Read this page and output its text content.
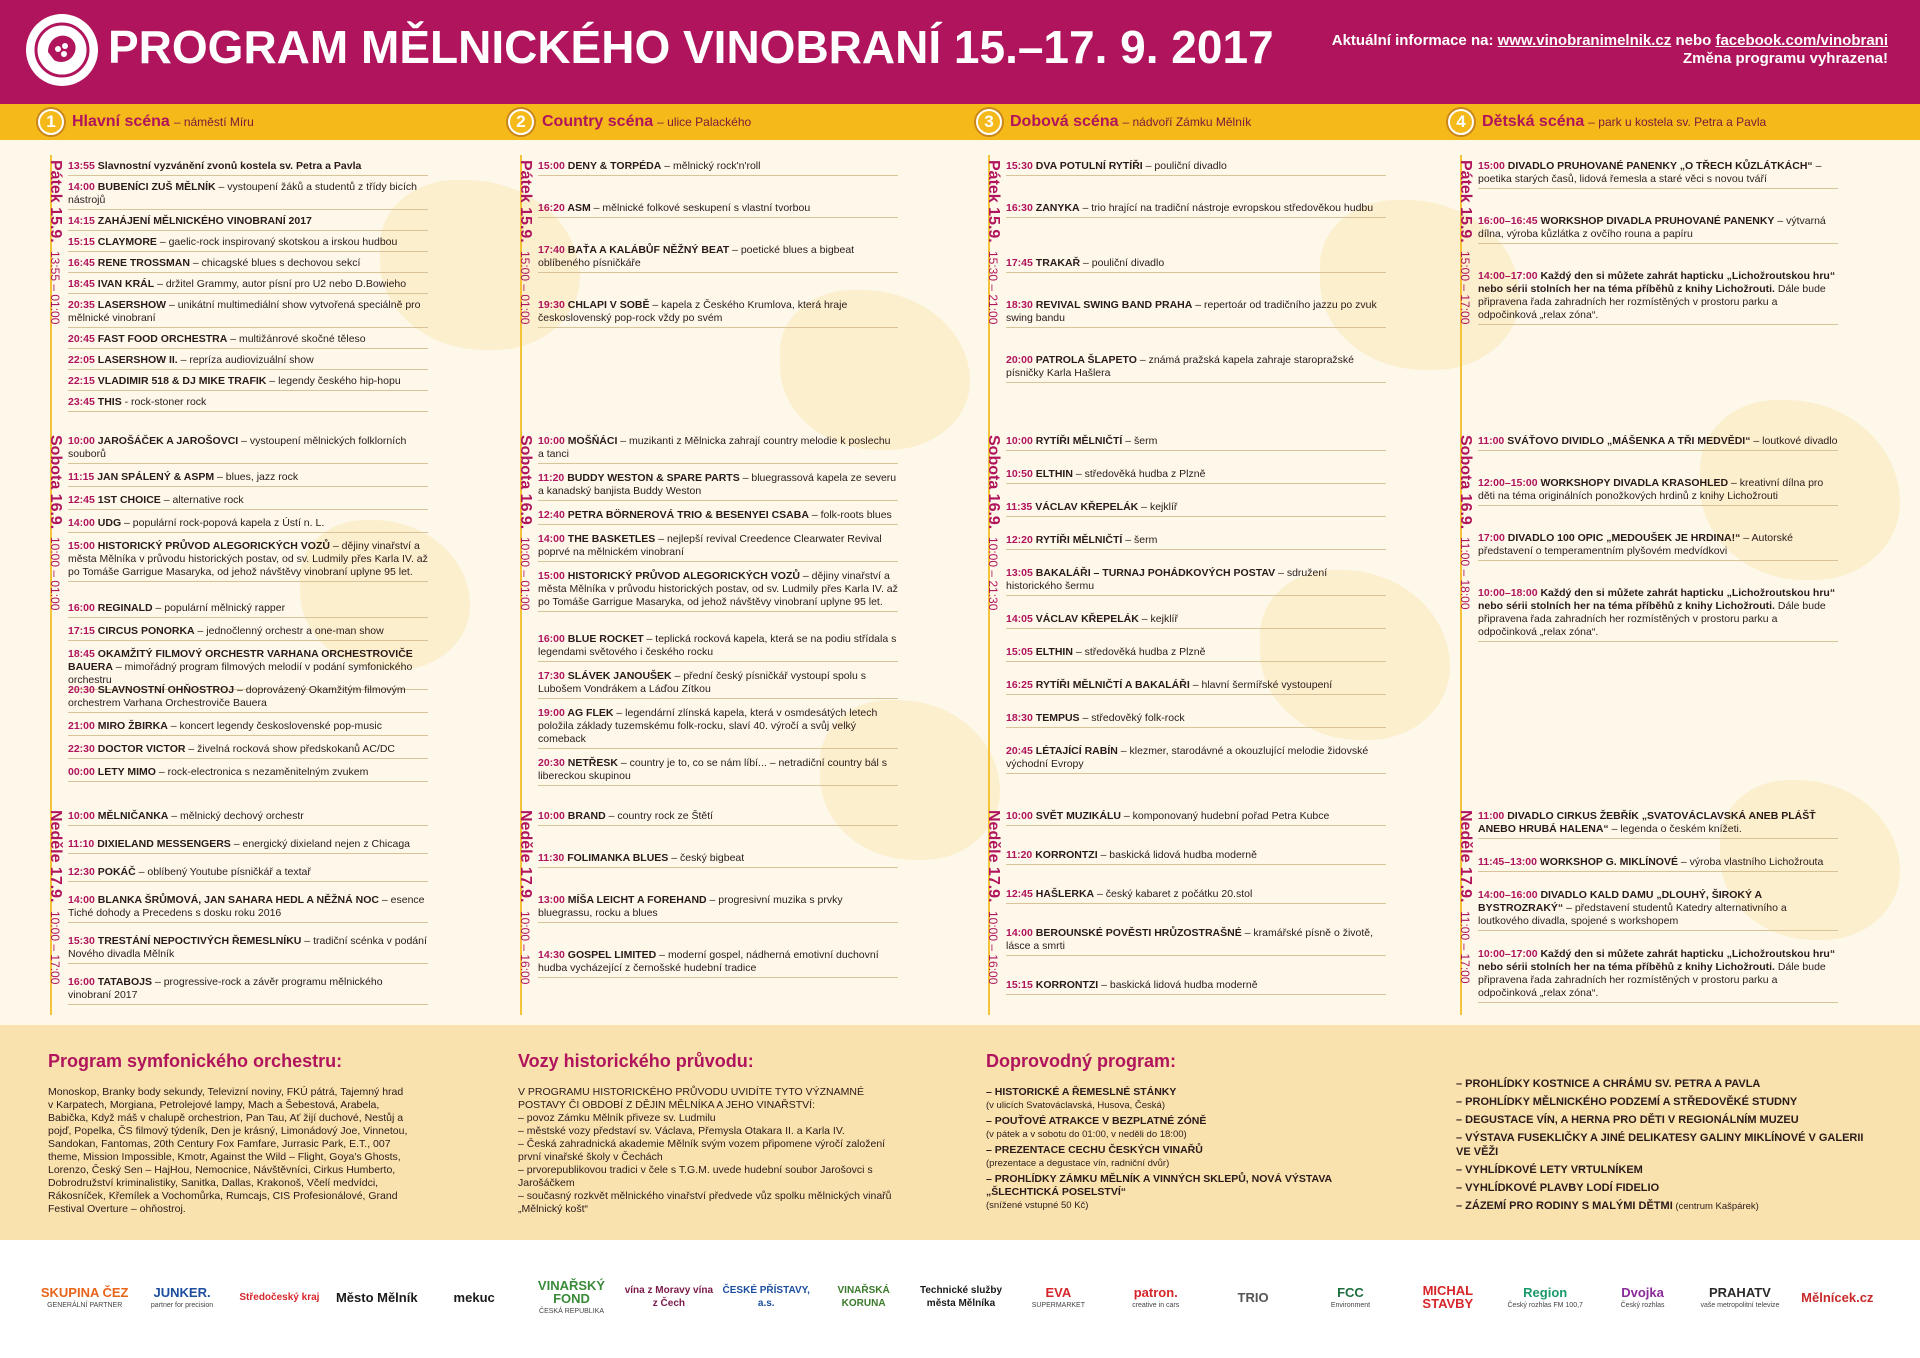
PROGRAM MĚLNICKÉHO VINOBRANÍ 15.–17. 9. 2017	Aktuální informace na: www.vinobranimelnik.cz nebo facebook.com/vinobrani
Změna programu vyhrazena!
1	Hlavní scéna – náměstí Míru	2	Country scéna – ulice Palackého	3	Dobová scéna – nádvoří Zámku Mělník	4	Dětská scéna – park u kostela sv. Petra a Pavla
Pátek 15.9.13:55 – 01:00
13:55 Slavnostní vyzvánění zvonů kostela sv. Petra a Pavla
14:00 BUBENÍCI ZUŠ MĚLNÍK – vystoupení žáků a studentů z třídy bicích nástrojů
14:15 ZAHÁJENÍ MĚLNICKÉHO VINOBRANÍ 2017
15:15 CLAYMORE – gaelic-rock inspirovaný skotskou a irskou hudbou
16:45 RENE TROSSMAN – chicagské blues s dechovou sekcí
18:45 IVAN KRÁL – držitel Grammy, autor písní pro U2 nebo D.Bowieho
20:35 LASERSHOW – unikátní multimediální show vytvořená speciálně pro mělnické vinobraní
20:45 FAST FOOD ORCHESTRA – multižánrové skočné těleso
22:05 LASERSHOW II. – repríza audiovizuální show
22:15 VLADIMIR 518 & DJ MIKE TRAFIK – legendy českého hip-hopu
23:45 THIS - rock-stoner rock
Sobota 16.9.10:00 – 01:00
10:00 JAROŠÁČEK A JAROŠOVCI – vystoupení mělnických folklorních souborů
11:15 JAN SPÁLENÝ & ASPM – blues, jazz rock
12:45 1ST CHOICE – alternative rock
14:00 UDG – populární rock-popová kapela z Ústí n. L.
15:00 HISTORICKÝ PRŮVOD ALEGORICKÝCH VOZŮ – dějiny vinařství a města Mělníka v průvodu historických postav, od sv. Ludmily přes Karla IV. až po Tomáše Garrigue Masaryka, od jehož návštěvy vinobraní uplyne 95 let.
16:00 REGINALD – populární mělnický rapper
17:15 CIRCUS PONORKA – jednočlenný orchestr a one-man show
18:45 OKAMŽITÝ FILMOVÝ ORCHESTR VARHANA ORCHESTROVIČE BAUERA – mimořádný program filmových melodií v podání symfonického orchestru
20:30 SLAVNOSTNÍ OHŇOSTROJ – doprovázený Okamžitým filmovým orchestrem Varhana Orchestroviče Bauera
21:00 MIRO ŽBIRKA – koncert legendy československé pop-music
22:30 DOCTOR VICTOR – živelná rocková show předskokanů AC/DC
00:00 LETY MIMO – rock-electronica s nezaměnitelným zvukem
Neděle 17.9.10:00 – 17:00
10:00 MĚLNIČANKA – mělnický dechový orchestr
11:10 DIXIELAND MESSENGERS – energický dixieland nejen z Chicaga
12:30 POKÁČ – oblíbený Youtube písničkář a textař
14:00 BLANKA ŠRŮMOVÁ, JAN SAHARA HEDL A NĚŽNÁ NOC – esence Tiché dohody a Precedens s dosku roku 2016
15:30 TRESTÁNÍ NEPOCTIVÝCH ŘEMESLNÍKU – tradiční scénka v podání Nového divadla Mělník
16:00 TATABOJS – progressive-rock a závěr programu mělnického vinobraní 2017
Pátek 15.9.15:00 – 01:00
15:00 DENY & TORPÉDA – mělnický rock'n'roll
16:20 ASM – mělnické folkové seskupení s vlastní tvorbou
17:40 BAŤA A KALÁBŮF NĚŽNÝ BEAT – poetické blues a bigbeat oblíbeného písničkáře
19:30 CHLAPI V SOBĚ – kapela z Českého Krumlova, která hraje československý pop-rock vždy po svém
Sobota 16.9.10:00 – 01:00
10:00 MOŠŇÁCI – muzikanti z Mělnicka zahrají country melodie k poslechu a tanci
11:20 BUDDY WESTON & SPARE PARTS – bluegrassová kapela ze severu a kanadský banjista Buddy Weston
12:40 PETRA BÖRNEROVÁ TRIO & BESENYEI CSABA – folk-roots blues
14:00 THE BASKETLES – nejlepší revival Creedence Clearwater Revival poprvé na mělnickém vinobraní
15:00 HISTORICKÝ PRŮVOD ALEGORICKÝCH VOZŮ – dějiny vinařství a města Mělníka v průvodu historických postav, od sv. Ludmily přes Karla IV. až po Tomáše Garrigue Masaryka, od jehož návštěvy vinobraní uplyne 95 let.
16:00 BLUE ROCKET – teplická rocková kapela, která se na podiu střídala s legendami světového i českého rocku
17:30 SLÁVEK JANOUŠEK – přední český písničkář vystoupí spolu s Lubošem Vondrákem a Láďou Zítkou
19:00 AG FLEK – legendární zlínská kapela, která v osmdesátých letech položila základy tuzemskému folk-rocku, slaví 40. výročí a svůj velký comeback
20:30 NETŘESK – country je to, co se nám líbí... – netradiční country bál s libereckou skupinou
Neděle 17.9.10:00 – 16:00
10:00 BRAND – country rock ze Štětí
11:30 FOLIMANKA BLUES – český bigbeat
13:00 MÍŠA LEICHT A FOREHAND – progresivní muzika s prvky bluegrassu, rocku a blues
14:30 GOSPEL LIMITED – moderní gospel, nádherná emotivní duchovní hudba vycházející z černošské hudební tradice
Pátek 15.9.15:30 – 21:00
15:30 DVA POTULNÍ RYTÍŘI – pouliční divadlo
16:30 ZANYKA – trio hrající na tradiční nástroje evropskou středověkou hudbu
17:45 TRAKAŘ – pouliční divadlo
18:30 REVIVAL SWING BAND PRAHA – repertoár od tradičního jazzu po zvuk swing bandu
20:00 PATROLA ŠLAPETO – známá pražská kapela zahraje staropražské písničky Karla Hašlera
Sobota 16.9.10:00 – 21:30
10:00 RYTÍŘI MĚLNIČTÍ – šerm
10:50 ELTHIN – středověká hudba z Plzně
11:35 VÁCLAV KŘEPELÁK – kejklíř
12:20 RYTÍŘI MĚLNIČTÍ – šerm
13:05 BAKALÁŘI – TURNAJ POHÁDKOVÝCH POSTAV – sdružení historického šermu
14:05 VÁCLAV KŘEPELÁK – kejklíř
15:05 ELTHIN – středověká hudba z Plzně
16:25 RYTÍŘI MĚLNIČTÍ A BAKALÁŘI – hlavní šermířské vystoupení
18:30 TEMPUS – středověký folk-rock
20:45 LÉTAJÍCÍ RABÍN – klezmer, starodávné a okouzlující melodie židovské východní Evropy
Neděle 17.9.10:00 – 16:00
10:00 SVĚT MUZIKÁLU – komponovaný hudební pořad Petra Kubce
11:20 KORRONTZI – baskická lidová hudba moderně
12:45 HAŠLERKA – český kabaret z počátku 20.stol
14:00 BEROUNSKÉ POVĚSTI HRŮZOSTRAŠNÉ – kramářské písně o životě, lásce a smrti
15:15 KORRONTZI – baskická lidová hudba moderně
Pátek 15.9.15:00 – 17:00
15:00 DIVADLO PRUHOVANÉ PANENKY „O TŘECH KŮZLÁTKÁCH“ – poetika starých časů, lidová řemesla a staré věci s novou tváří
16:00–16:45 WORKSHOP DIVADLA PRUHOVANÉ PANENKY – výtvarná dílna, výroba kůzlátka z ovčího rouna a papíru
14:00–17:00 Každý den si můžete zahrát hapticku „Lichožroutskou hru“ nebo sérii stolních her na téma příběhů z knihy Lichožrouti. Dále bude připravena řada zahradních her rozmístěných v prostoru parku a odpočinková „relax zóna“.
Sobota 16.9.11:00 – 18:00
11:00 SVÁŤOVO DIVIDLO „MÁŠENKA A TŘI MEDVĚDI“ – loutkové divadlo
12:00–15:00 WORKSHOPY DIVADLA KRASOHLED – kreativní dílna pro děti na téma originálních ponožkových hrdinů z knihy Lichožrouti
17:00 DIVADLO 100 OPIC „MEDOUŠEK JE HRDINA!“ – Autorské představení o temperamentním plyšovém medvídkovi
10:00–18:00 Každý den si můžete zahrát hapticku „Lichožroutskou hru“ nebo sérii stolních her na téma příběhů z knihy Lichožrouti. Dále bude připravena řada zahradních her rozmístěných v prostoru parku a odpočinková „relax zóna“.
Neděle 17.9.11:00 – 17:00
11:00 DIVADLO CIRKUS ŽEBŘÍK „SVATOVÁCLAVSKÁ ANEB PLÁŠŤ ANEBO HRUBÁ HALENA“ – legenda o českém knížeti.
11:45–13:00 WORKSHOP G. MIKLÍNOVÉ – výroba vlastního Lichožrouta
14:00–16:00 DIVADLO KALD DAMU „DLOUHÝ, ŠIROKÝ A BYSTROZRAKÝ“ – představení studentů Katedry alternativního a loutkového divadla, spojené s workshopem
10:00–17:00 Každý den si můžete zahrát hapticku „Lichožroutskou hru“ nebo sérii stolních her na téma příběhů z knihy Lichožrouti. Dále bude připravena řada zahradních her rozmístěných v prostoru parku a odpočinková „relax zóna“.
Program symfonického orchestru:
Monoskop, Branky body sekundy, Televizní noviny, FKÚ pátrá, Tajemný hrad v Karpatech, Morgiana, Petrolejové lampy, Mach a Šebestová, Arabela, Babička, Když máš v chalupě orchestrion, Pan Tau, Ať žijí duchové, Nestůj a pojď, Popelka, ČS filmový týdeník, Den je krásný, Limonádový Joe, Vinnetou, Sandokan, Fantomas, 20th Century Fox Famfare, Jurrasic Park, E.T., 007 theme, Mission Impossible, Kmotr, Against the Wild – Flight, Goya's Ghosts, Lorenzo, Český Sen – HajHou, Nemocnice, Návštěvníci, Cirkus Humberto, Dobrodružství kriminalistiky, Sanitka, Dallas, Krakonoš, Včelí medvídci, Rákosníček, Křemílek a Vochomůrka, Rumcajs, CIS Profesionálové, Grand Festival Overture – ohňostroj.
Vozy historického průvodu:
V PROGRAMU HISTORICKÉHO PRŮVODU UVIDÍTE TYTO VÝZNAMNÉ POSTAVY ČI OBDOBÍ Z DĚJIN MĚLNÍKA A JEHO VINAŘSTVÍ:
– povoz Zámku Mělník přiveze sv. Ludmilu
– městské vozy představí sv. Václava, Přemysla Otakara II. a Karla IV.
– Česká zahradnická akademie Mělník svým vozem připomene výročí založení první vinařské školy v Čechách
– prvorepublikovou tradici v čele s T.G.M. uvede hudební soubor Jarošovci s Jarošáčkem
– současný rozkvět mělnického vinařství předvede vůz spolku mělnických vinařů „Mělnický košt“
Doprovodný program:
– HISTORICKÉ A ŘEMESLNÉ STÁNKY
(v ulicích Svatováclavská, Husova, Česká)
– POUŤOVÉ ATRAKCE V BEZPLATNÉ ZÓNĚ
(v pátek a v sobotu do 01:00, v neděli do 18:00)
– PREZENTACE CECHU ČESKÝCH VINAŘŮ
(prezentace a degustace vín, radniční dvůr)
– PROHLÍDKY ZÁMKU MĚLNÍK A VINNÝCH SKLEPŮ, NOVÁ VÝSTAVA „ŠLECHTICKÁ POSELSTVÍ“
(snížené vstupné 50 Kč)
– PROHLÍDKY KOSTNICE A CHRÁMU SV. PETRA A PAVLA
– PROHLÍDKY MĚLNICKÉHO PODZEMÍ A STŘEDOVĚKÉ STUDNY
– DEGUSTACE VÍN, A HERNA PRO DĚTI V REGIONÁLNÍM MUZEU
– VÝSTAVA FUSEKLIČKY A JINÉ DELIKATESY GALINY MIKLÍNOVÉ V GALERII VE VĚŽI
– VYHLÍDKOVÉ LETY VRTULNÍKEM
– VYHLÍDKOVÉ PLAVBY LODÍ FIDELIO
– ZÁZEMÍ PRO RODINY S MALÝMI DĚTMI (centrum Kašpárek)
SKUPINA ČEZ
GENERÁLNÍ PARTNER
JUNKER.
partner for precision
Středočeský kraj Město Mělník	mekuc
VINAŘSKÝ FOND
ČESKÁ REPUBLIKA
vína z Moravy vína z Čech
ČESKÉ PŘÍSTAVY, a.s.
VINAŘSKÁ KORUNA
Technické služby města Mělníka
EVA
SUPERMARKET
patron.
creative in cars
TRIO	FCC
Environment
MICHAL STAVBY
Region
Český rozhlas FM 100,7
Dvojka
Český rozhlas
PRAHATV
vaše metropolitní televize
Mělnícek.cz
